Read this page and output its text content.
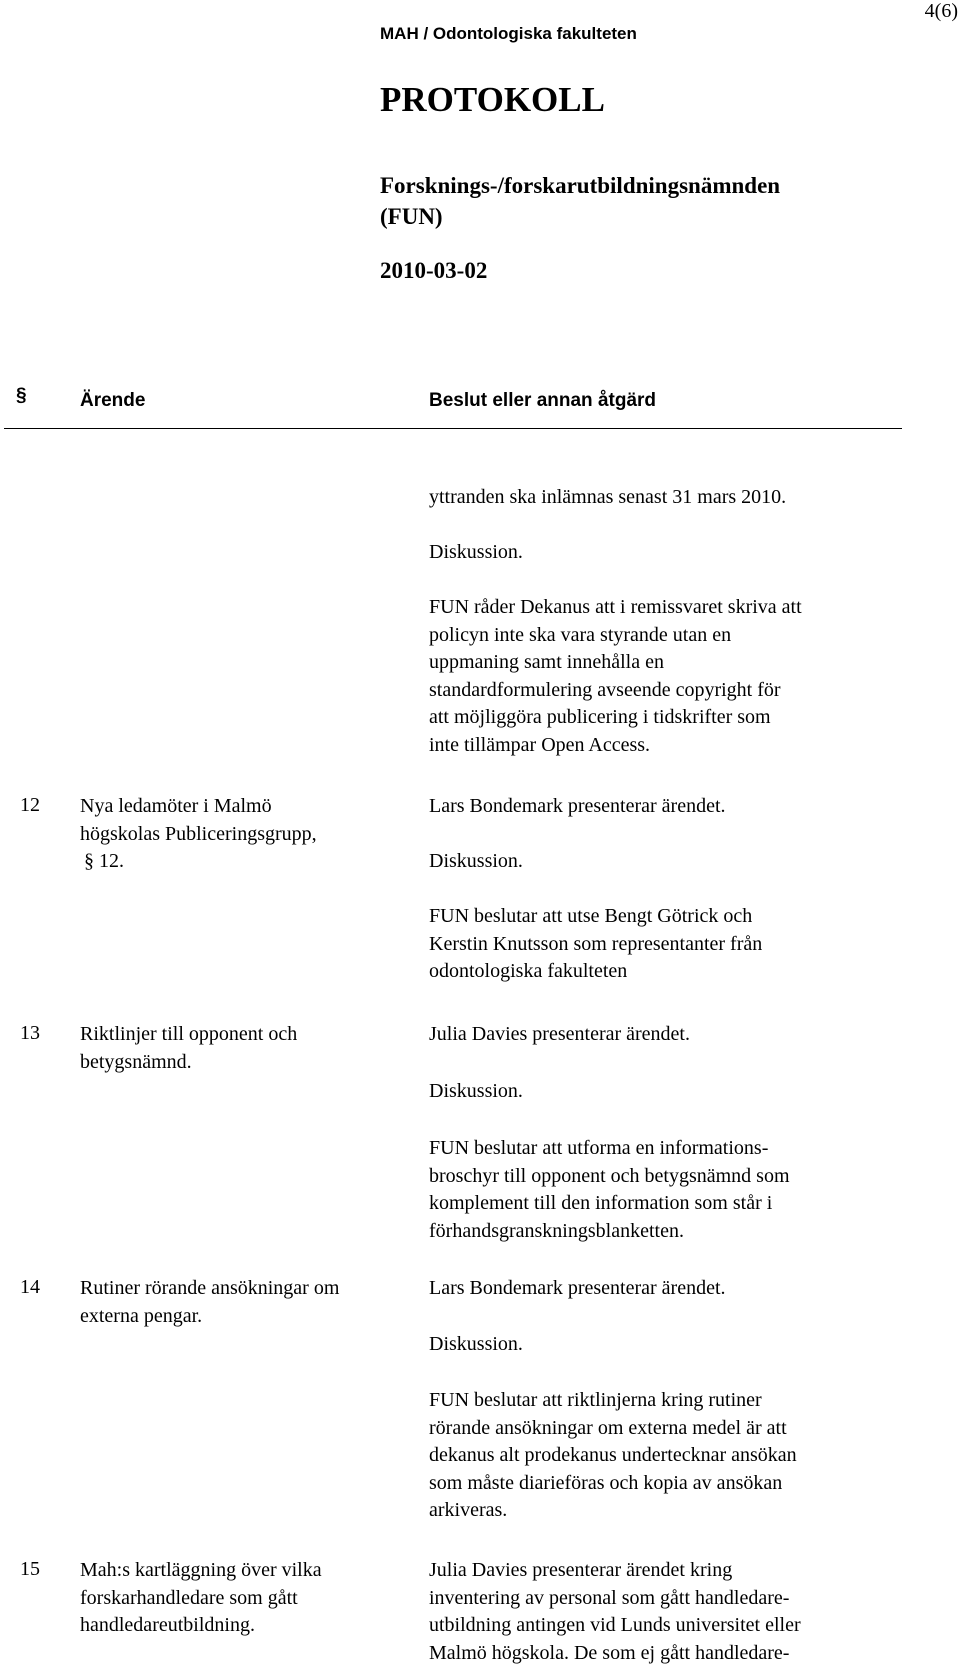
4(6)
MAH / Odontologiska fakulteten
PROTOKOLL
Forsknings-/forskarutbildningsnämnden
(FUN)
2010-03-02
§	Ärende	Beslut eller annan åtgärd
yttranden ska inlämnas senast 31 mars 2010.
Diskussion.
FUN råder Dekanus att i remissvaret skriva att
policyn inte ska vara styrande utan en
uppmaning samt innehålla en
standardformulering avseende copyright för
att möjliggöra publicering i tidskrifter som
inte tillämpar Open Access.
12 Nya ledamöter i Malmö
högskolas Publiceringsgrupp,
§ 12.
Lars Bondemark presenterar ärendet.
Diskussion.
FUN beslutar att utse Bengt Götrick och
Kerstin Knutsson som representanter från
odontologiska fakulteten
13 Riktlinjer till opponent och
betygsnämnd.
Julia Davies presenterar ärendet.
Diskussion.
FUN beslutar att utforma en informations-
broschyr till opponent och betygsnämnd som
komplement till den information som står i
förhandsgranskningsblanketten.
14 Rutiner rörande ansökningar om
externa pengar.
Lars Bondemark presenterar ärendet.
Diskussion.
FUN beslutar att riktlinjerna kring rutiner
rörande ansökningar om externa medel är att
dekanus alt prodekanus undertecknar ansökan
som måste diarieföras och kopia av ansökan
arkiveras.
15 Mah:s kartläggning över vilka
forskarhandledare som gått
handledareutbildning.
Julia Davies presenterar ärendet kring
inventering av personal som gått handledare-
utbildning antingen vid Lunds universitet eller
Malmö högskola. De som ej gått handledare-
